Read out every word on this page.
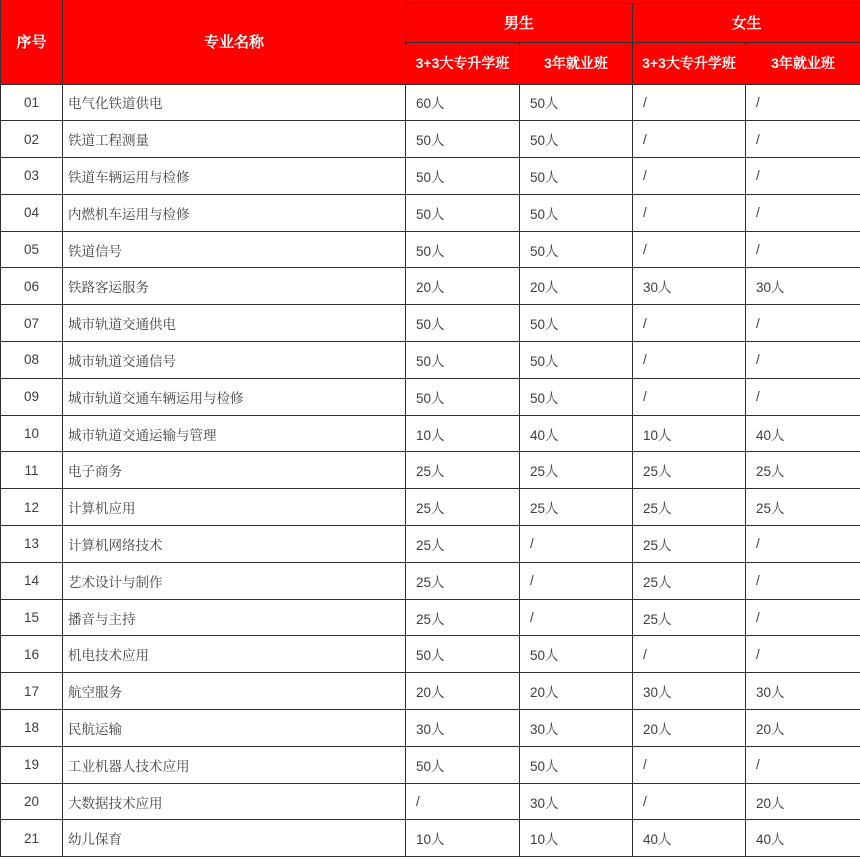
序号	专业名称				
		男生		女生	
		3+3大专升学班	3年就业班	3+3大专升学班	3年就业班
01	电气化铁道供电	60人	50人	/	/
02	铁道工程测量	50人	50人	/	/
03	铁道车辆运用与检修	50人	50人	/	/
04	内燃机车运用与检修	50人	50人	/	/
05	铁道信号	50人	50人	/	/
06	铁路客运服务	20人	20人	30人	30人
07	城市轨道交通供电	50人	50人	/	/
08	城市轨道交通信号	50人	50人	/	/
09	城市轨道交通车辆运用与检修	50人	50人	/	/
10	城市轨道交通运输与管理	10人	40人	10人	40人
11	电子商务	25人	25人	25人	25人
12	计算机应用	25人	25人	25人	25人
13	计算机网络技术	25人	/	25人	/
14	艺术设计与制作	25人	/	25人	/
15	播音与主持	25人	/	25人	/
16	机电技术应用	50人	50人	/	/
17	航空服务	20人	20人	30人	30人
18	民航运输	30人	30人	20人	20人
19	工业机器人技术应用	50人	50人	/	/
20	大数据技术应用	/	30人	/	20人
21	幼儿保育	10人	10人	40人	40人
